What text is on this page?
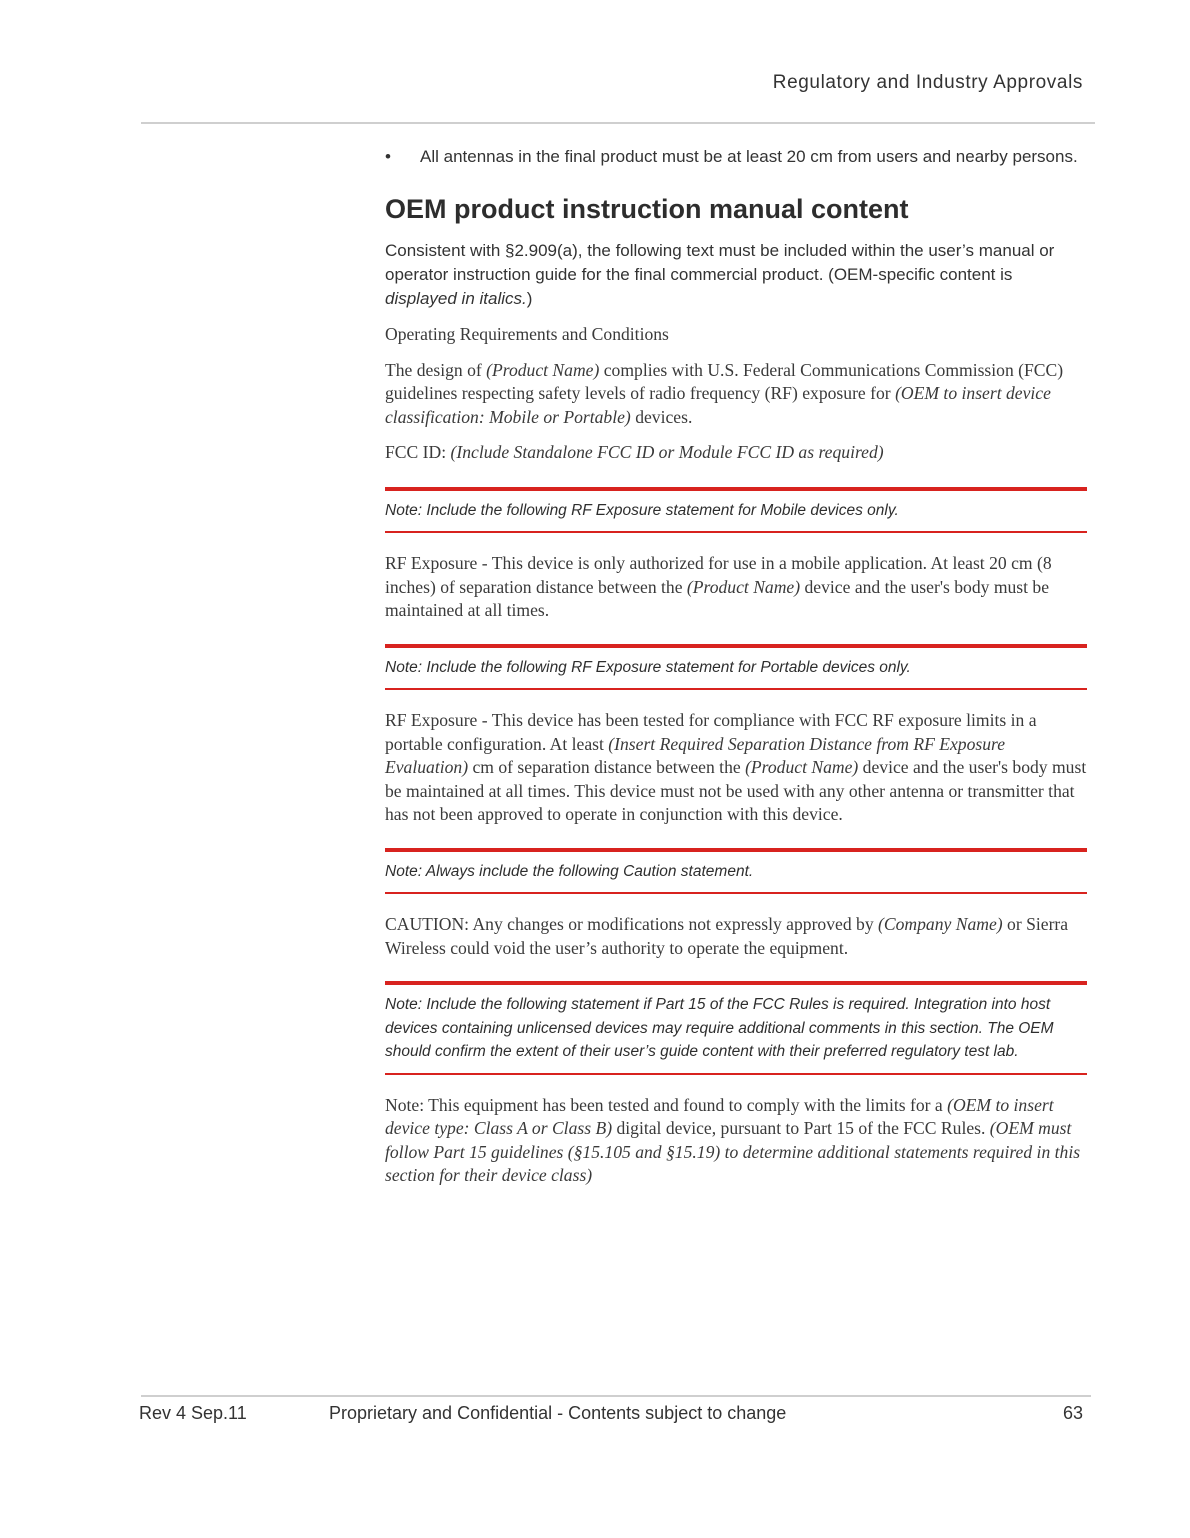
Regulatory and Industry Approvals
• All antennas in the final product must be at least 20 cm from users and nearby persons.
OEM product instruction manual content

Consistent with §2.909(a), the following text must be included within the user’s manual or operator instruction guide for the final commercial product. (OEM-specific content is displayed in italics.)

Operating Requirements and Conditions

The design of (Product Name) complies with U.S. Federal Communications Commission (FCC) guidelines respecting safety levels of radio frequency (RF) exposure for (OEM to insert device classification: Mobile or Portable) devices.

FCC ID: (Include Standalone FCC ID or Module FCC ID as required)

Note: Include the following RF Exposure statement for Mobile devices only.

RF Exposure - This device is only authorized for use in a mobile application. At least 20 cm (8 inches) of separation distance between the (Product Name) device and the user's body must be maintained at all times.

Note: Include the following RF Exposure statement for Portable devices only.

RF Exposure - This device has been tested for compliance with FCC RF exposure limits in a portable configuration. At least (Insert Required Separation Distance from RF Exposure Evaluation) cm of separation distance between the (Product Name) device and the user's body must be maintained at all times. This device must not be used with any other antenna or transmitter that has not been approved to operate in conjunction with this device.

Note: Always include the following Caution statement.

CAUTION: Any changes or modifications not expressly approved by (Company Name) or Sierra Wireless could void the user’s authority to operate the equipment.

Note: Include the following statement if Part 15 of the FCC Rules is required. Integration into host devices containing unlicensed devices may require additional comments in this section. The OEM should confirm the extent of their user’s guide content with their preferred regulatory test lab.

Note: This equipment has been tested and found to comply with the limits for a (OEM to insert device type: Class A or Class B) digital device, pursuant to Part 15 of the FCC Rules. (OEM must follow Part 15 guidelines (§15.105 and §15.19) to determine additional statements required in this section for their device class)

Rev 4 Sep.11	Proprietary and Confidential - Contents subject to change	63
